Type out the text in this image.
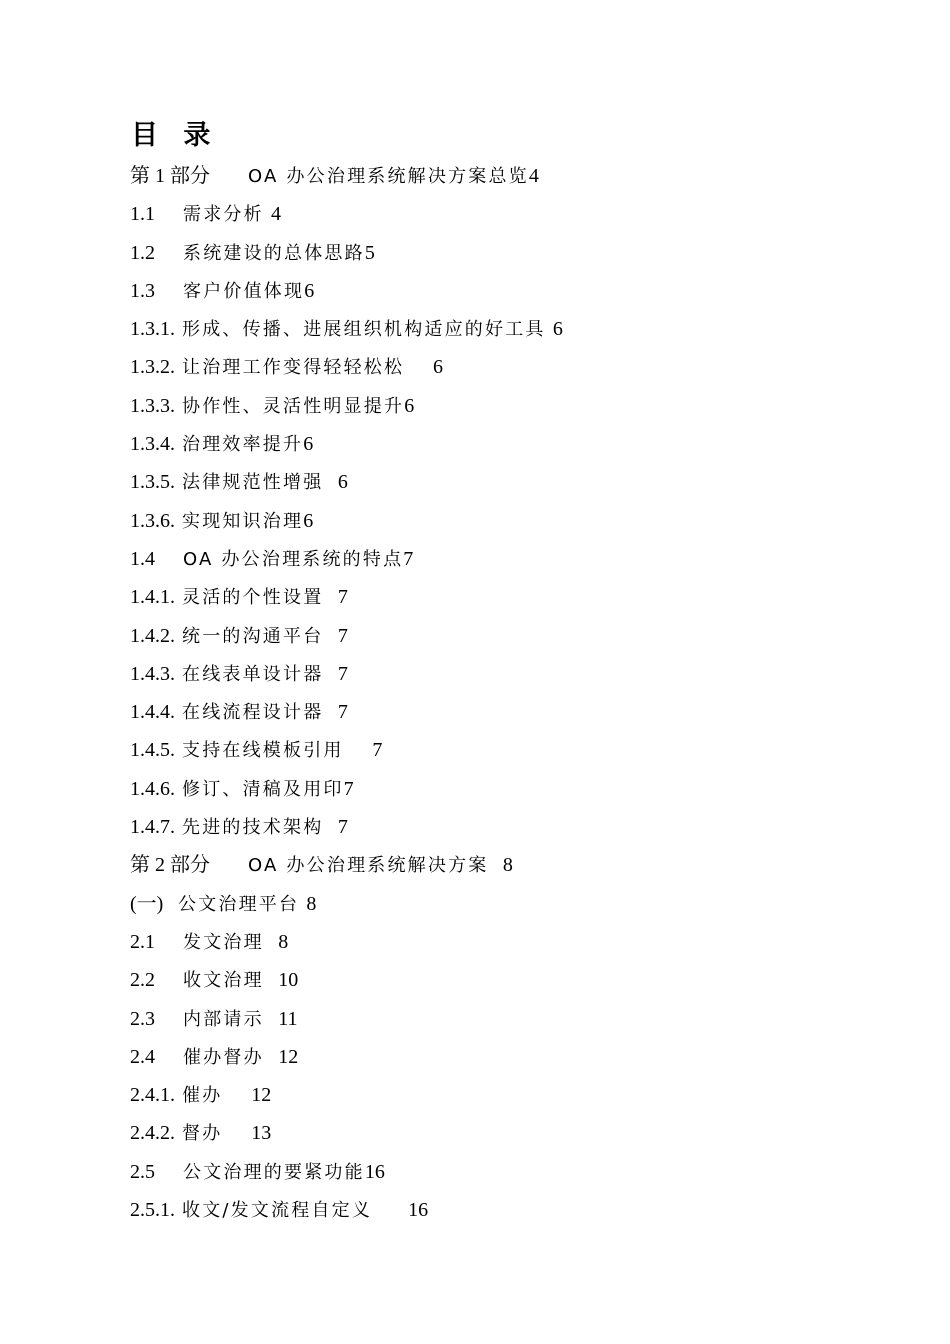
目 录
第 1 部分 OA 办公治理系统解决方案总览4
1.1 需求分析 4
1.2 系统建设的总体思路5
1.3 客户价值体现6
1.3.1. 形成、传播、进展组织机构适应的好工具 6
1.3.2. 让治理工作变得轻轻松松 6
1.3.3. 协作性、灵活性明显提升6
1.3.4. 治理效率提升6
1.3.5. 法律规范性增强 6
1.3.6. 实现知识治理6
1.4 OA 办公治理系统的特点7
1.4.1. 灵活的个性设置 7
1.4.2. 统一的沟通平台 7
1.4.3. 在线表单设计器 7
1.4.4. 在线流程设计器 7
1.4.5. 支持在线模板引用 7
1.4.6. 修订、清稿及用印7
1.4.7. 先进的技术架构 7
第 2 部分 OA 办公治理系统解决方案 8
(一) 公文治理平台 8
2.1 发文治理 8
2.2 收文治理 10
2.3 内部请示 11
2.4 催办督办 12
2.4.1. 催办 12
2.4.2. 督办 13
2.5 公文治理的要紧功能16
2.5.1. 收文/发文流程自定义 16
